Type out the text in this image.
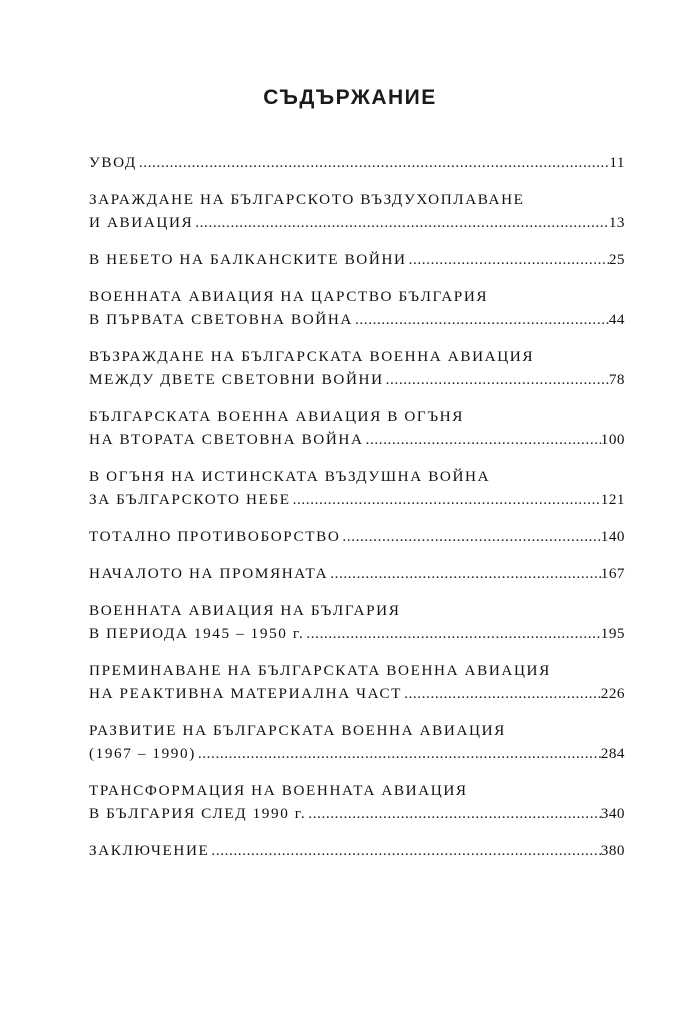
СЪДЪРЖАНИЕ
УВОД .....	11
ЗАРАЖДАНЕ НА БЪЛГАРСКОТО ВЪЗДУХОПЛАВАНЕ
И АВИАЦИЯ .....	13
В НЕБЕТО НА БАЛКАНСКИТЕ ВОЙНИ .....	25
ВОЕННАТА АВИАЦИЯ НА ЦАРСТВО БЪЛГАРИЯ
В ПЪРВАТА СВЕТОВНА ВОЙНА .....	44
ВЪЗРАЖДАНЕ НА БЪЛГАРСКАТА ВОЕННА АВИАЦИЯ
МЕЖДУ ДВЕТЕ СВЕТОВНИ ВОЙНИ .....	78
БЪЛГАРСКАТА ВОЕННА АВИАЦИЯ В ОГЪНЯ
НА ВТОРАТА СВЕТОВНА ВОЙНА .....	100
В ОГЪНЯ НА ИСТИНСКАТА ВЪЗДУШНА ВОЙНА
ЗА БЪЛГАРСКОТО НЕБЕ .....	121
ТОТАЛНО ПРОТИВОБОРСТВО .....	140
НАЧАЛОТО НА ПРОМЯНАТА .....	167
ВОЕННАТА АВИАЦИЯ НА БЪЛГАРИЯ
В ПЕРИОДА 1945 – 1950 г. .....	195
ПРЕМИНАВАНЕ НА БЪЛГАРСКАТА ВОЕННА АВИАЦИЯ
НА РЕАКТИВНА МАТЕРИАЛНА ЧАСТ .....	226
РАЗВИТИЕ НА БЪЛГАРСКАТА ВОЕННА АВИАЦИЯ
(1967 – 1990) .....	284
ТРАНСФОРМАЦИЯ НА ВОЕННАТА АВИАЦИЯ
В БЪЛГАРИЯ СЛЕД 1990 г. .....	340
ЗАКЛЮЧЕНИЕ .....	380
